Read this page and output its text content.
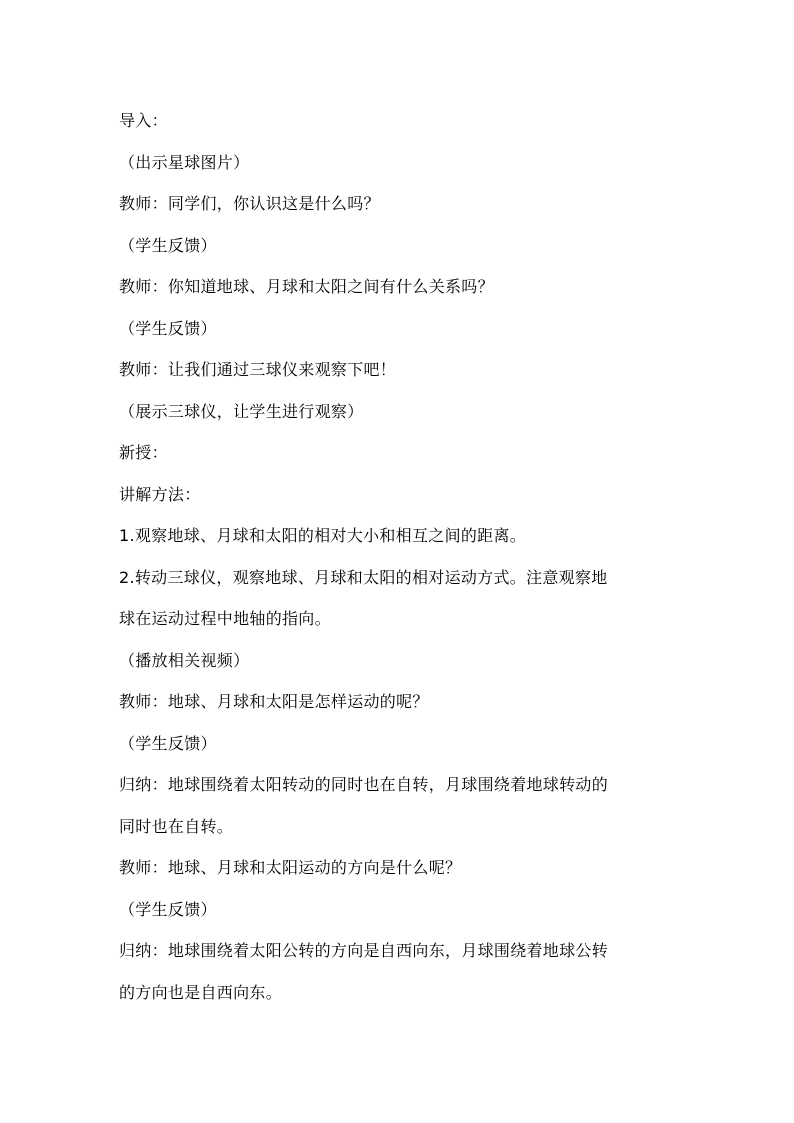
导入：
（出示星球图片）
教师：同学们，你认识这是什么吗？
（学生反馈）
教师：你知道地球、月球和太阳之间有什么关系吗？
（学生反馈）
教师：让我们通过三球仪来观察下吧！
（展示三球仪，让学生进行观察）
新授：
讲解方法：
1.观察地球、月球和太阳的相对大小和相互之间的距离。
2.转动三球仪，观察地球、月球和太阳的相对运动方式。注意观察地
球在运动过程中地轴的指向。
（播放相关视频）
教师：地球、月球和太阳是怎样运动的呢？
（学生反馈）
归纳：地球围绕着太阳转动的同时也在自转，月球围绕着地球转动的
同时也在自转。
教师：地球、月球和太阳运动的方向是什么呢？
（学生反馈）
归纳：地球围绕着太阳公转的方向是自西向东，月球围绕着地球公转
的方向也是自西向东。
